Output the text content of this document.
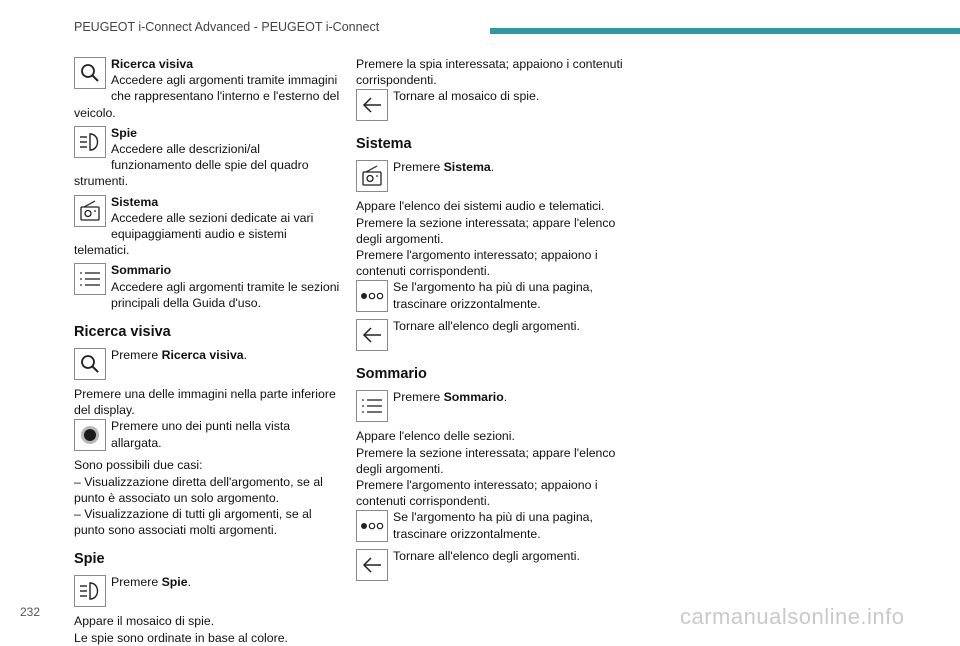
PEUGEOT i-Connect Advanced - PEUGEOT i-Connect
Ricerca visiva
Accedere agli argomenti tramite immagini che rappresentano l'interno e l'esterno del veicolo.
Spie
Accedere alle descrizioni/al funzionamento delle spie del quadro strumenti.
Sistema
Accedere alle sezioni dedicate ai vari equipaggiamenti audio e sistemi telematici.
Sommario
Accedere agli argomenti tramite le sezioni principali della Guida d'uso.
Ricerca visiva
Premere Ricerca visiva.

Premere una delle immagini nella parte inferiore del display.

Premere uno dei punti nella vista allargata.

Sono possibili due casi:

– Visualizzazione diretta dell'argomento, se al punto è associato un solo argomento.

– Visualizzazione di tutti gli argomenti, se al punto sono associati molti argomenti.

Spie
Premere Spie.

Appare il mosaico di spie.

Le spie sono ordinate in base al colore.

Premere la spia interessata; appaiono i contenuti corrispondenti.

Tornare al mosaico di spie.
Sistema
Premere Sistema.

Appare l'elenco dei sistemi audio e telematici.

Premere la sezione interessata; appare l'elenco degli argomenti.

Premere l'argomento interessato; appaiono i contenuti corrispondenti.

Se l'argomento ha più di una pagina, trascinare orizzontalmente.
Tornare all'elenco degli argomenti.
Sommario
Premere Sommario.

Appare l'elenco delle sezioni.

Premere la sezione interessata; appare l'elenco degli argomenti.

Premere l'argomento interessato; appaiono i contenuti corrispondenti.

Se l'argomento ha più di una pagina, trascinare orizzontalmente.
Tornare all'elenco degli argomenti.
232	carmanualsonline.info
